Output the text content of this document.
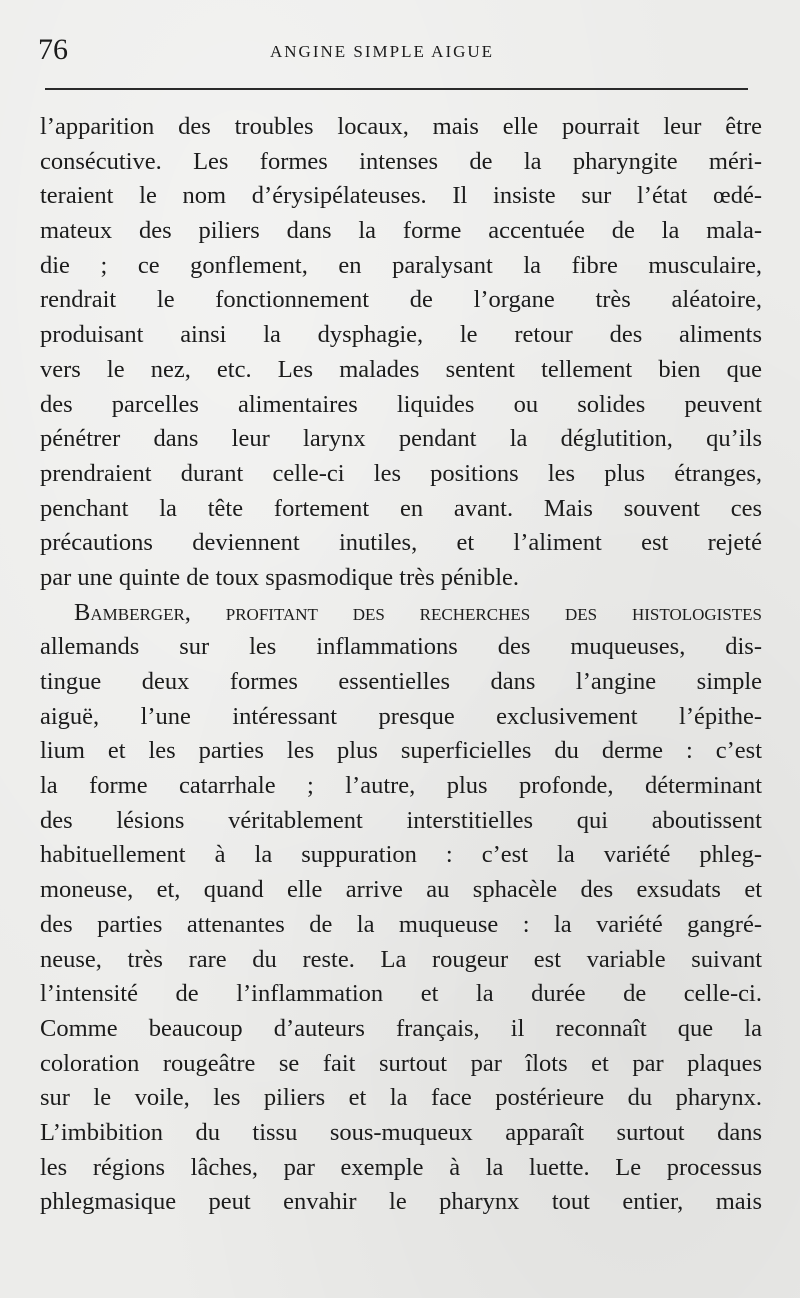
76	ANGINE SIMPLE AIGUE
l’apparition des troubles locaux, mais elle pourrait leur être
consécutive. Les formes intenses de la pharyngite méri-
teraient le nom d’érysipélateuses. Il insiste sur l’état œdé-
mateux des piliers dans la forme accentuée de la mala-
die ; ce gonflement, en paralysant la fibre musculaire,
rendrait le fonctionnement de l’organe très aléatoire,
produisant ainsi la dysphagie, le retour des aliments
vers le nez, etc. Les malades sentent tellement bien que
des parcelles alimentaires liquides ou solides peuvent
pénétrer dans leur larynx pendant la déglutition, qu’ils
prendraient durant celle-ci les positions les plus étranges,
penchant la tête fortement en avant. Mais souvent ces
précautions deviennent inutiles, et l’aliment est rejeté
par une quinte de toux spasmodique très pénible.
Bamberger, profitant des recherches des histologistes
allemands sur les inflammations des muqueuses, dis-
tingue deux formes essentielles dans l’angine simple
aiguë, l’une intéressant presque exclusivement l’épithe-
lium et les parties les plus superficielles du derme : c’est
la forme catarrhale ; l’autre, plus profonde, déterminant
des lésions véritablement interstitielles qui aboutissent
habituellement à la suppuration : c’est la variété phleg-
moneuse, et, quand elle arrive au sphacèle des exsudats et
des parties attenantes de la muqueuse : la variété gangré-
neuse, très rare du reste. La rougeur est variable suivant
l’intensité de l’inflammation et la durée de celle-ci.
Comme beaucoup d’auteurs français, il reconnaît que la
coloration rougeâtre se fait surtout par îlots et par plaques
sur le voile, les piliers et la face postérieure du pharynx.
L’imbibition du tissu sous-muqueux apparaît surtout dans
les régions lâches, par exemple à la luette. Le processus
phlegmasique peut envahir le pharynx tout entier, mais
